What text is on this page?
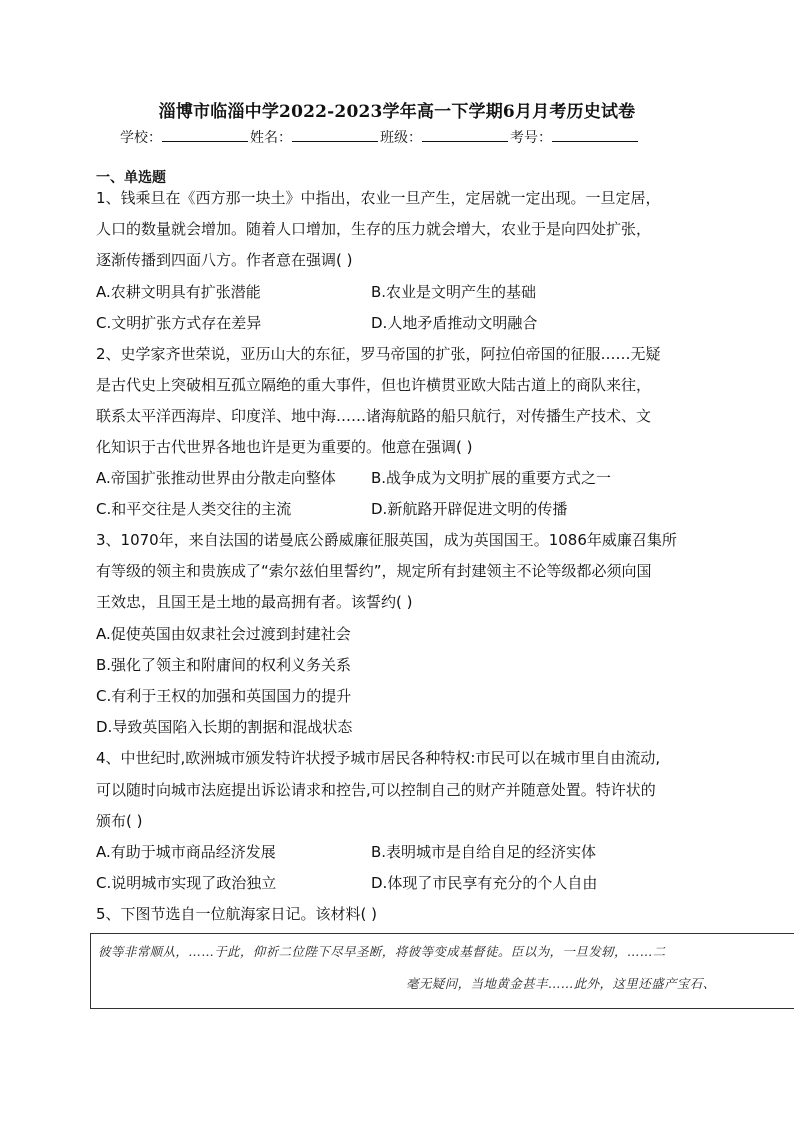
淄博市临淄中学2022-2023学年高一下学期6月月考历史试卷
学校：	姓名：	班级：	考号：
一、单选题
1、钱乘旦在《西方那一块土》中指出，农业一旦产生，定居就一定出现。一旦定居，
人口的数量就会增加。随着人口增加，生存的压力就会增大，农业于是向四处扩张，
逐渐传播到四面八方。作者意在强调( )
A.农耕文明具有扩张潜能	B.农业是文明产生的基础
C.文明扩张方式存在差异	D.人地矛盾推动文明融合
2、史学家齐世荣说，亚历山大的东征，罗马帝国的扩张，阿拉伯帝国的征服……无疑
是古代史上突破相互孤立隔绝的重大事件，但也许横贯亚欧大陆古道上的商队来往，
联系太平洋西海岸、印度洋、地中海……诸海航路的船只航行，对传播生产技术、文
化知识于古代世界各地也许是更为重要的。他意在强调( )
A.帝国扩张推动世界由分散走向整体 B.战争成为文明扩展的重要方式之一
C.和平交往是人类交往的主流	D.新航路开辟促进文明的传播
3、1070年，来自法国的诺曼底公爵威廉征服英国，成为英国国王。1086年威廉召集所
有等级的领主和贵族成了“索尔兹伯里誓约”，规定所有封建领主不论等级都必须向国
王效忠，且国王是土地的最高拥有者。该誓约( )
A.促使英国由奴隶社会过渡到封建社会
B.强化了领主和附庸间的权利义务关系
C.有利于王权的加强和英国国力的提升
D.导致英国陷入长期的割据和混战状态
4、中世纪时,欧洲城市颁发特许状授予城市居民各种特权:市民可以在城市里自由流动,
可以随时向城市法庭提出诉讼请求和控告,可以控制自己的财产并随意处置。特许状的
颁布( )
A.有助于城市商品经济发展	B.表明城市是自给自足的经济实体
C.说明城市实现了政治独立	D.体现了市民享有充分的个人自由
5、下图节选自一位航海家日记。该材料( )
彼等非常顺从，……于此，仰祈二位陛下尽早圣断，将彼等变成基督徒。臣以为，一旦发轫，……二
毫无疑问，当地黄金甚丰……此外，这里还盛产宝石、
